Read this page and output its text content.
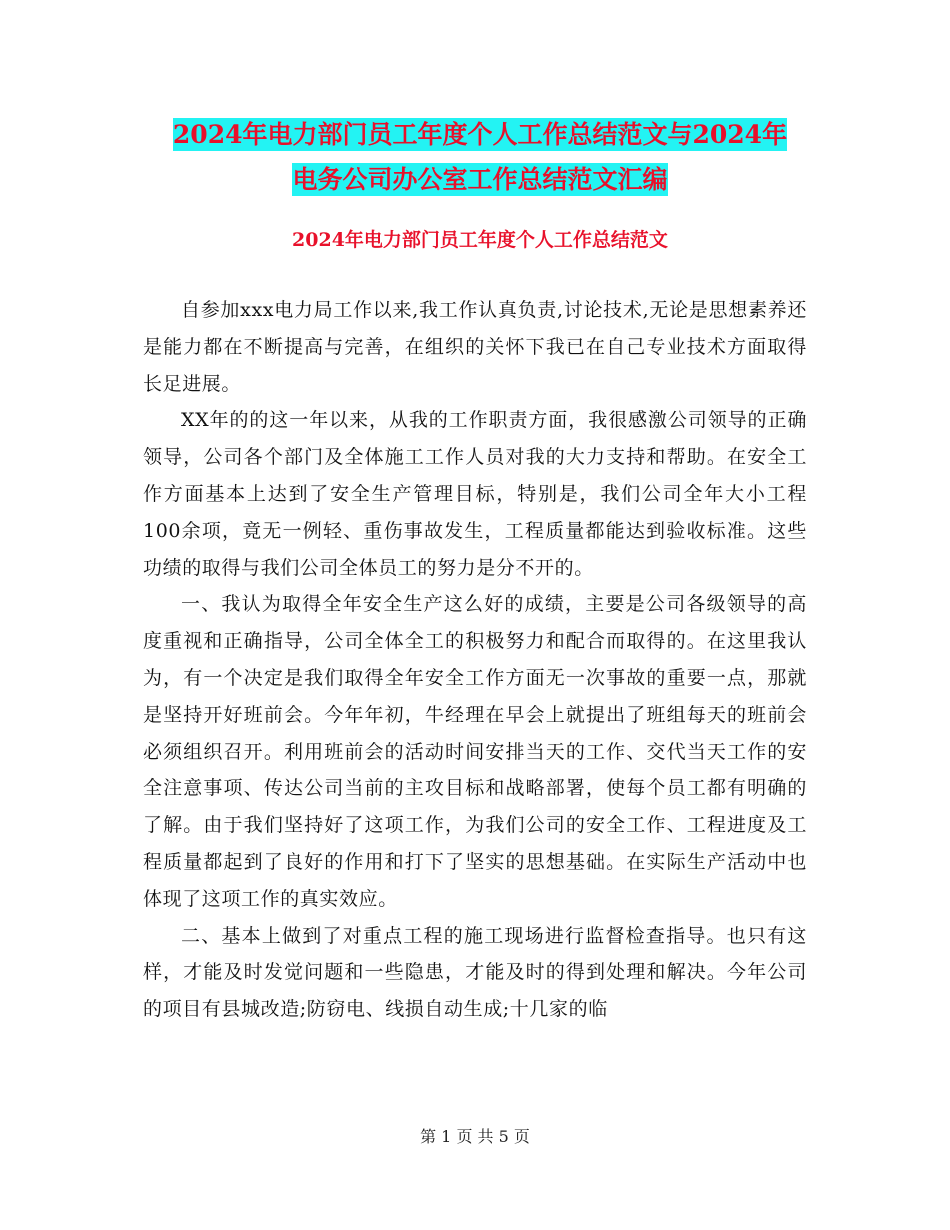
2024年电力部门员工年度个人工作总结范文与2024年
电务公司办公室工作总结范文汇编
2024年电力部门员工年度个人工作总结范文

自参加xxx电力局工作以来,我工作认真负责,讨论技术,无论是思想素养还是能力都在不断提高与完善，在组织的关怀下我已在自己专业技术方面取得长足进展。

XX年的的这一年以来，从我的工作职责方面，我很感激公司领导的正确领导，公司各个部门及全体施工工作人员对我的大力支持和帮助。在安全工作方面基本上达到了安全生产管理目标，特别是，我们公司全年大小工程100余项，竟无一例轻、重伤事故发生，工程质量都能达到验收标准。这些功绩的取得与我们公司全体员工的努力是分不开的。

一、我认为取得全年安全生产这么好的成绩，主要是公司各级领导的高度重视和正确指导，公司全体全工的积极努力和配合而取得的。在这里我认为，有一个决定是我们取得全年安全工作方面无一次事故的重要一点，那就是坚持开好班前会。今年年初，牛经理在早会上就提出了班组每天的班前会必须组织召开。利用班前会的活动时间安排当天的工作、交代当天工作的安全注意事项、传达公司当前的主攻目标和战略部署，使每个员工都有明确的了解。由于我们坚持好了这项工作，为我们公司的安全工作、工程进度及工程质量都起到了良好的作用和打下了坚实的思想基础。在实际生产活动中也体现了这项工作的真实效应。

二、基本上做到了对重点工程的施工现场进行监督检查指导。也只有这样，才能及时发觉问题和一些隐患，才能及时的得到处理和解决。今年公司的项目有县城改造;防窃电、线损自动生成;十几家的临

第 1 页 共 5 页
